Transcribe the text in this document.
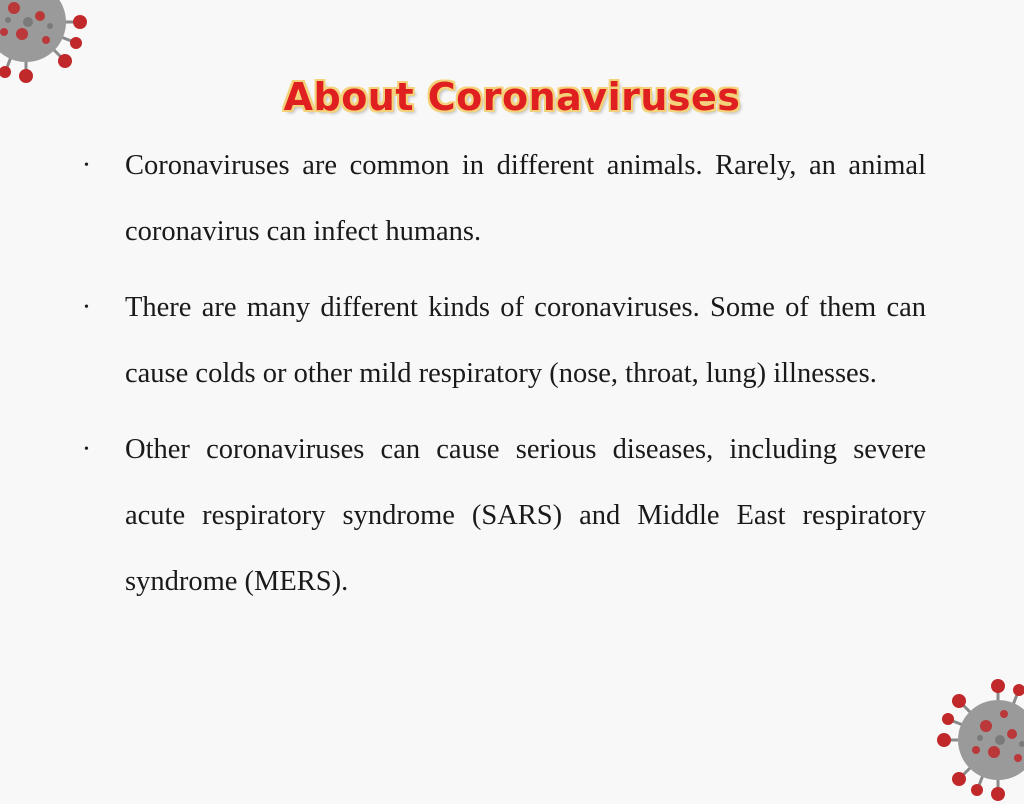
About Coronaviruses
• Coronaviruses are common in different animals. Rarely, an animal coronavirus can infect humans.
• There are many different kinds of coronaviruses. Some of them can cause colds or other mild respiratory (nose, throat, lung) illnesses.
• Other coronaviruses can cause serious diseases, including severe acute respiratory syndrome (SARS) and Middle East respiratory syndrome (MERS).
